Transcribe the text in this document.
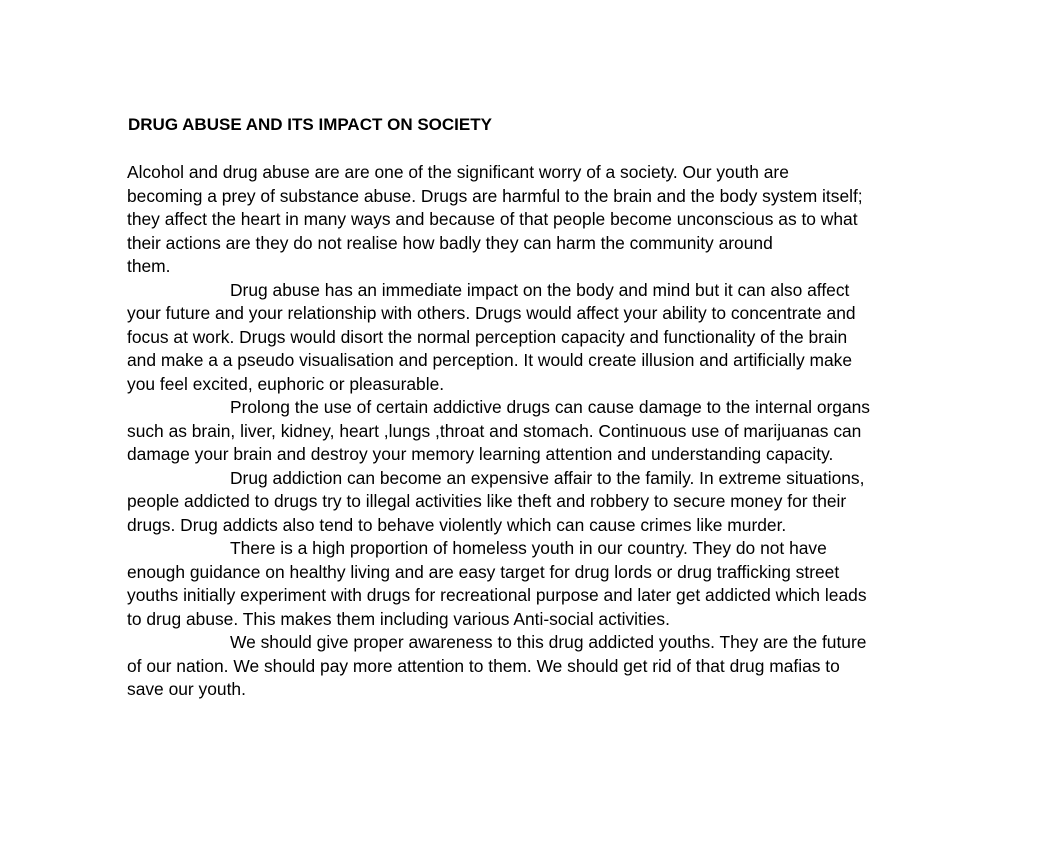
DRUG ABUSE AND ITS IMPACT ON SOCIETY

Alcohol and drug abuse are are one of the significant worry of a society. Our youth are
becoming a prey of substance abuse. Drugs are harmful to the brain and the body system itself;
they affect the heart in many ways and because of that people become unconscious as to what
their actions are they do not realise how badly they can harm the community around
them.

Drug abuse has an immediate impact on the body and mind but it can also affect
your future and your relationship with others. Drugs would affect your ability to concentrate and
focus at work. Drugs would disort the normal perception capacity and functionality of the brain
and make a a pseudo visualisation and perception. It would create illusion and artificially make
you feel excited, euphoric or pleasurable.

Prolong the use of certain addictive drugs can cause damage to the internal organs
such as brain, liver, kidney, heart ,lungs ,throat and stomach. Continuous use of marijuanas can
damage your brain and destroy your memory learning attention and understanding capacity.

Drug addiction can become an expensive affair to the family. In extreme situations,
people addicted to drugs try to illegal activities like theft and robbery to secure money for their
drugs. Drug addicts also tend to behave violently which can cause crimes like murder.

There is a high proportion of homeless youth in our country. They do not have
enough guidance on healthy living and are easy target for drug lords or drug trafficking street
youths initially experiment with drugs for recreational purpose and later get addicted which leads
to drug abuse. This makes them including various Anti-social activities.

We should give proper awareness to this drug addicted youths. They are the future
of our nation. We should pay more attention to them. We should get rid of that drug mafias to
save our youth.
